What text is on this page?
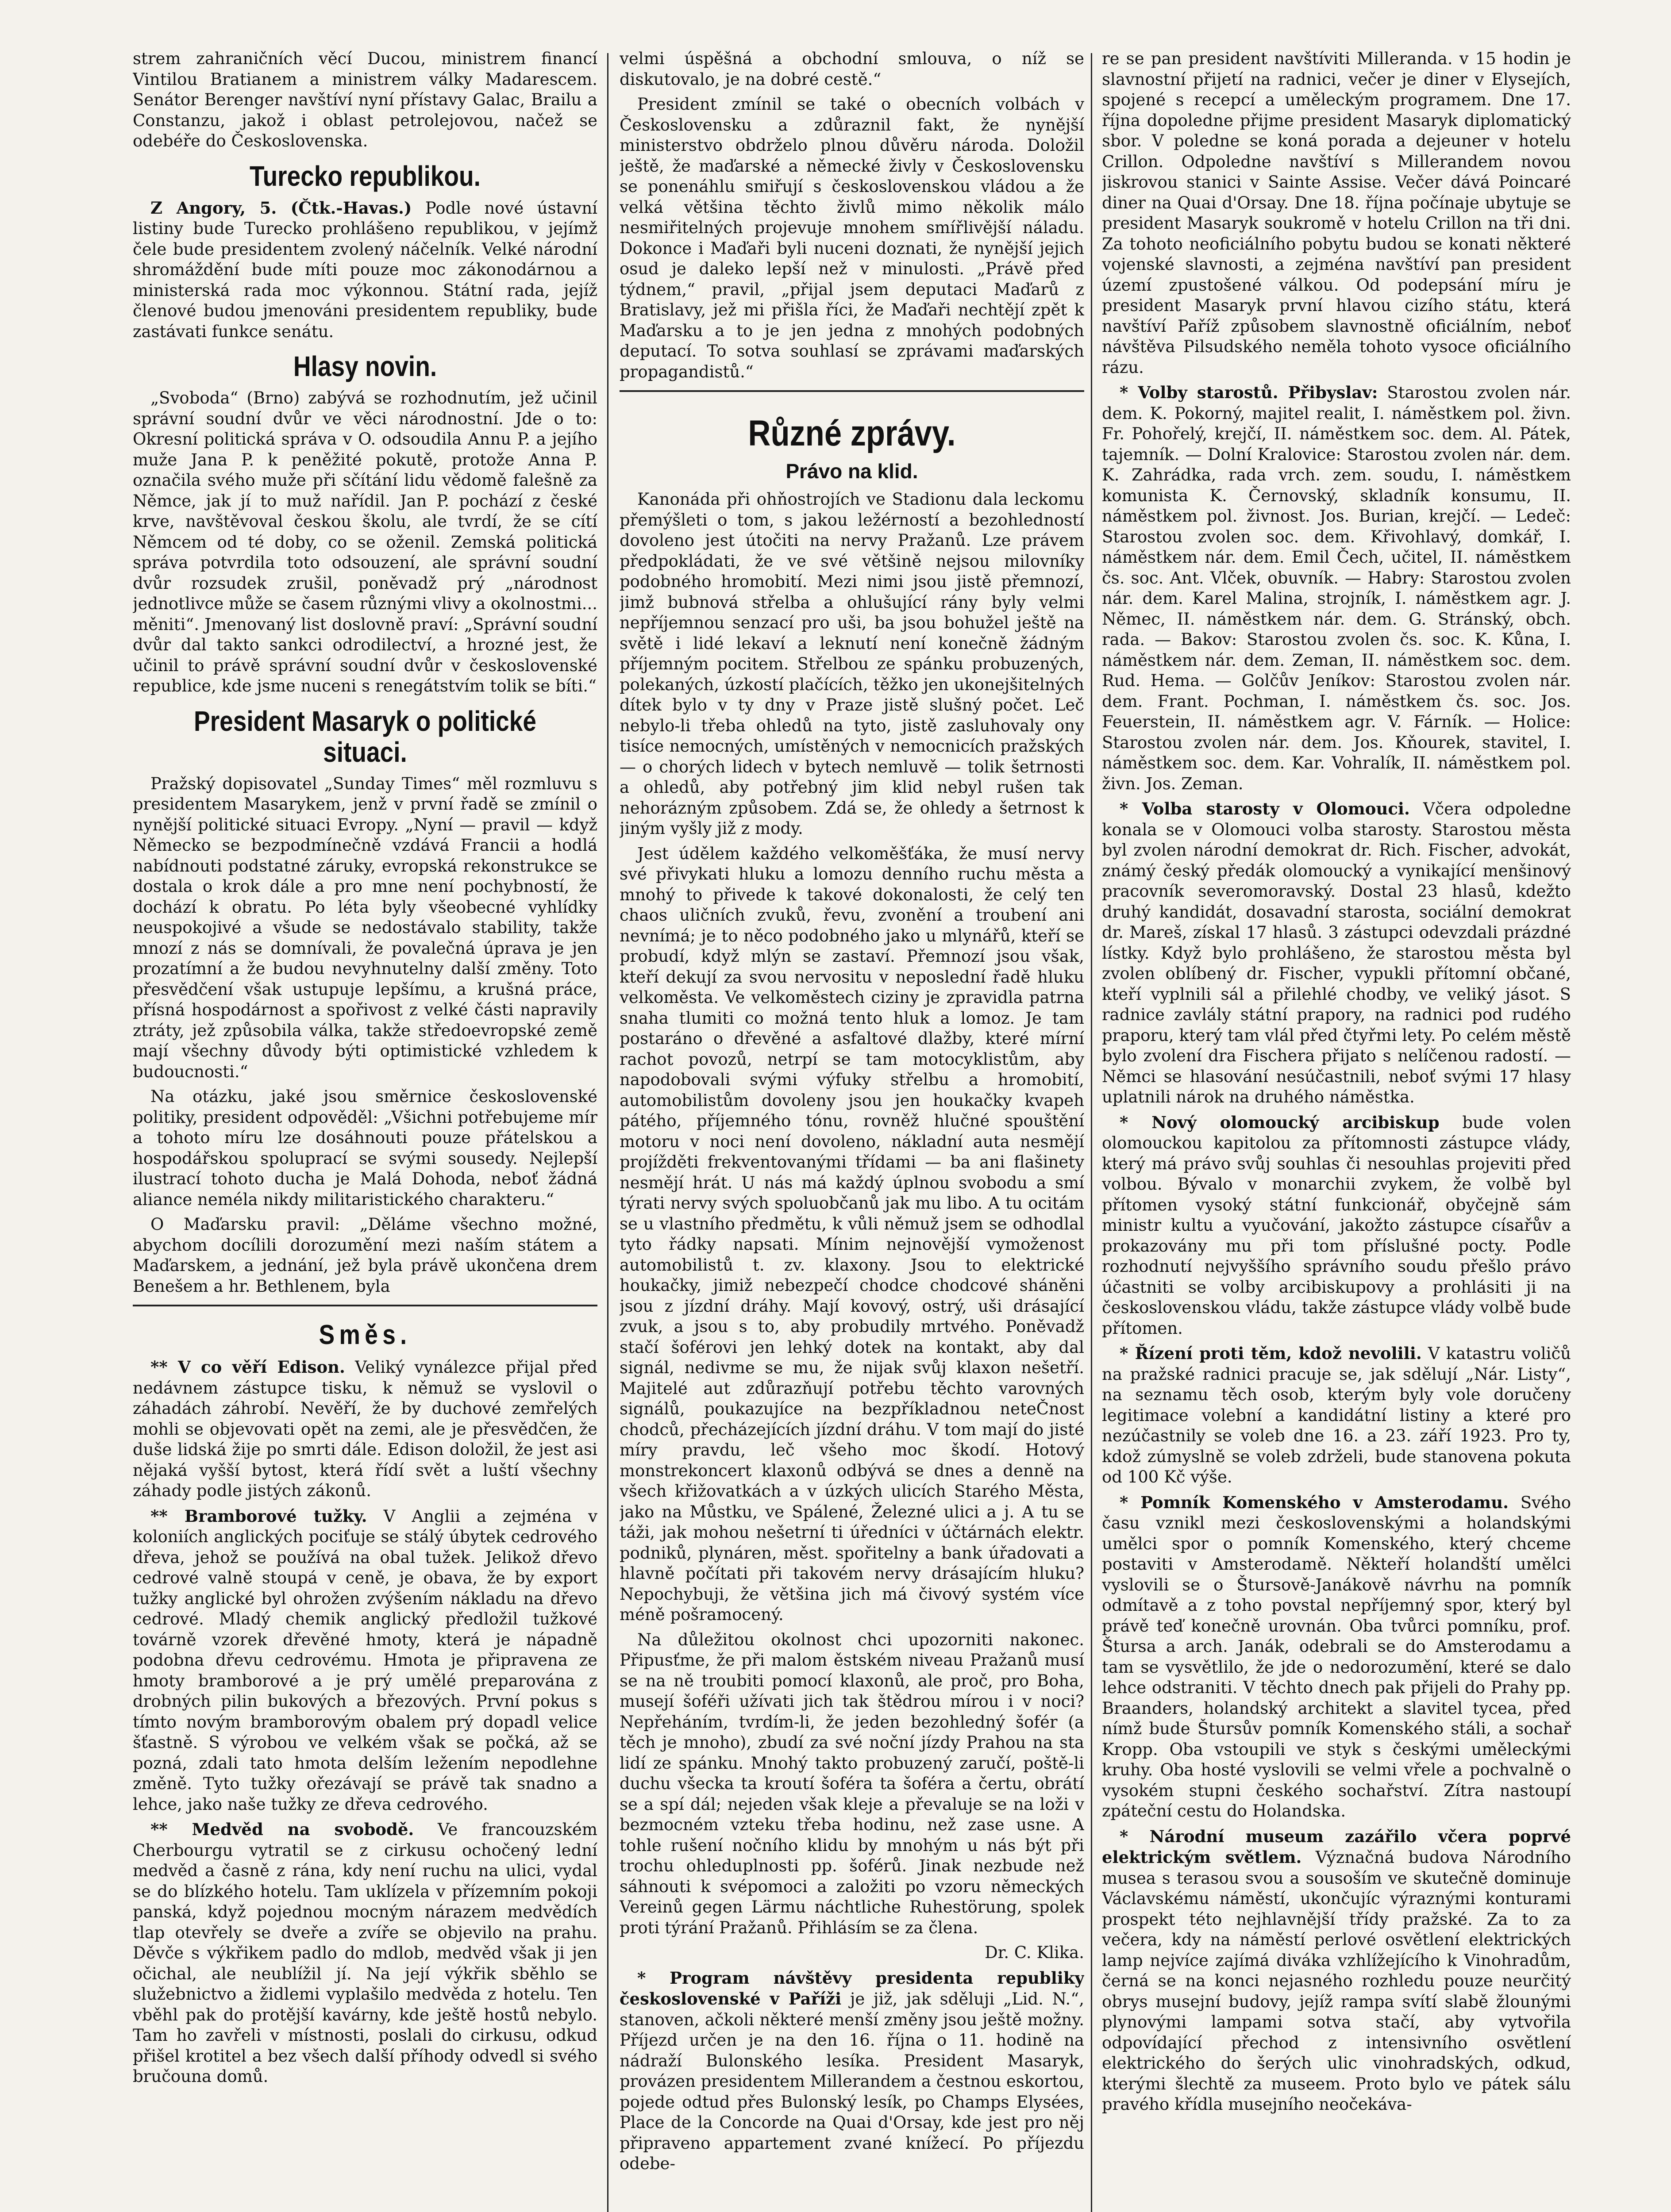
strem zahraničních věcí Ducou, ministrem financí Vintilou Bratianem a ministrem války Madarescem. Senátor Berenger navštíví nyní přístavy Galac, Brailu a Constanzu, jakož i oblast petrolejovou, načež se odebéře do Československa.

Turecko republikou.

Z Angory, 5. (Čtk.-Havas.) Podle nové ústavní listiny bude Turecko prohlášeno republikou, v jejímž čele bude presidentem zvolený náčelník. Velké národní shromáždění bude míti pouze moc zákonodárnou a ministerská rada moc výkonnou. Státní rada, jejíž členové budou jmenováni presidentem republiky, bude zastávati funkce senátu.

Hlasy novin.

„Svoboda“ (Brno) zabývá se rozhodnutím, jež učinil správní soudní dvůr ve věci národnostní. Jde o to: Okresní politická správa v O. odsoudila Annu P. a jejího muže Jana P. k peněžité pokutě, protože Anna P. označila svého muže při sčítání lidu vědomě falešně za Němce, jak jí to muž nařídil. Jan P. pochází z české krve, navštěvoval českou školu, ale tvrdí, že se cítí Němcem od té doby, co se oženil. Zemská politická správa potvrdila toto odsouzení, ale správní soudní dvůr rozsudek zrušil, poněvadž prý „národnost jednotlivce může se časem různými vlivy a okolnostmi... měniti“. Jmenovaný list doslovně praví: „Správní soudní dvůr dal takto sankci odrodilectví, a hrozné jest, že učinil to právě správní soudní dvůr v československé republice, kde jsme nuceni s renegátstvím tolik se bíti.“

President Masaryk o politické situaci.

Pražský dopisovatel „Sunday Times“ měl rozmluvu s presidentem Masarykem, jenž v první řadě se zmínil o nynější politické situaci Evropy. „Nyní — pravil — když Německo se bezpodmínečně vzdává Francii a hodlá nabídnouti podstatné záruky, evropská rekonstrukce se dostala o krok dále a pro mne není pochybností, že dochází k obratu. Po léta byly všeobecné vyhlídky neuspokojivé a všude se nedostávalo stability, takže mnozí z nás se domnívali, že povalečná úprava je jen prozatímní a že budou nevyhnutelny další změny. Toto přesvědčení však ustupuje lepšímu, a krušná práce, přísná hospodárnost a spořivost z velké části napravily ztráty, jež způsobila válka, takže středoevropské země mají všechny důvody býti optimistické vzhledem k budoucnosti.“

Na otázku, jaké jsou směrnice československé politiky, president odpověděl: „Všichni potřebujeme mír a tohoto míru lze dosáhnouti pouze přátelskou a hospodářskou spoluprací se svými sousedy. Nejlepší ilustrací tohoto ducha je Malá Dohoda, neboť žádná aliance neméla nikdy militaristického charakteru.“

O Maďarsku pravil: „Děláme všechno možné, abychom docílili dorozumění mezi naším státem a Maďarskem, a jednání, jež byla právě ukončena drem Benešem a hr. Bethlenem, byla

Směs.

** V co věří Edison. Veliký vynálezce přijal před nedávnem zástupce tisku, k němuž se vyslovil o záhadách záhrobí. Nevěří, že by duchové zemřelých mohli se objevovati opět na zemi, ale je přesvědčen, že duše lidská žije po smrti dále. Edison doložil, že jest asi nějaká vyšší bytost, která řídí svět a luští všechny záhady podle jistých zákonů.

** Bramborové tužky. V Anglii a zejména v koloniích anglických pociťuje se stálý úbytek cedrového dřeva, jehož se používá na obal tužek. Jelikož dřevo cedrové valně stoupá v ceně, je obava, že by export tužky anglické byl ohrožen zvýšením nákladu na dřevo cedrové. Mladý chemik anglický předložil tužkové továrně vzorek dřevěné hmoty, která je nápadně podobna dřevu cedrovému. Hmota je připravena ze hmoty bramborové a je prý umělé preparována z drobných pilin bukových a březových. První pokus s tímto novým bramborovým obalem prý dopadl velice šťastně. S výrobou ve velkém však se počká, až se pozná, zdali tato hmota delším ležením nepodlehne změně. Tyto tužky ořezávají se právě tak snadno a lehce, jako naše tužky ze dřeva cedrového.

** Medvěd na svobodě. Ve francouzském Cherbourgu vytratil se z cirkusu ochočený lední medvěd a časně z rána, kdy není ruchu na ulici, vydal se do blízkého hotelu. Tam uklízela v přízemním pokoji panská, když pojednou mocným nárazem medvědích tlap otevřely se dveře a zvíře se objevilo na prahu. Děvče s výkřikem padlo do mdlob, medvěd však ji jen očichal, ale neublížil jí. Na její výkřik sběhlo se služebnictvo a židlemi vyplašilo medvěda z hotelu. Ten vběhl pak do protější kavárny, kde ještě hostů nebylo. Tam ho zavřeli v místnosti, poslali do cirkusu, odkud přišel krotitel a bez všech další příhody odvedl si svého bručouna domů.

velmi úspěšná a obchodní smlouva, o níž se diskutovalo, je na dobré cestě.“

President zmínil se také o obecních volbách v Československu a zdůraznil fakt, že nynější ministerstvo obdrželo plnou důvěru národa. Doložil ještě, že maďarské a německé živly v Československu se ponenáhlu smiřují s československou vládou a že velká většina těchto živlů mimo několik málo nesmiřitelných projevuje mnohem smířlivější náladu. Dokonce i Maďaři byli nuceni doznati, že nynější jejich osud je daleko lepší než v minulosti. „Právě před týdnem,“ pravil, „přijal jsem deputaci Maďarů z Bratislavy, jež mi přišla říci, že Maďaři nechtějí zpět k Maďarsku a to je jen jedna z mnohých podobných deputací. To sotva souhlasí se zprávami maďarských propagandistů.“

Různé zprávy.
Právo na klid.

Kanonáda při ohňostrojích ve Stadionu dala leckomu přemýšleti o tom, s jakou ležérností a bezohledností dovoleno jest útočiti na nervy Pražanů. Lze právem předpokládati, že ve své většině nejsou milovníky podobného hromobití. Mezi nimi jsou jistě přemnozí, jimž bubnová střelba a ohlušující rány byly velmi nepříjemnou senzací pro uši, ba jsou bohužel ještě na světě i lidé lekaví a leknutí není konečně žádným příjemným pocitem. Střelbou ze spánku probuzených, polekaných, úzkostí plačících, těžko jen ukonejšitelných dítek bylo v ty dny v Praze jistě slušný počet. Leč nebylo-li třeba ohledů na tyto, jistě zasluhovaly ony tisíce nemocných, umístěných v nemocnicích pražských — o chorých lidech v bytech nemluvě — tolik šetrnosti a ohledů, aby potřebný jim klid nebyl rušen tak nehorázným způsobem. Zdá se, že ohledy a šetrnost k jiným vyšly již z mody.

Jest údělem každého velkoměšťáka, že musí nervy své přivykati hluku a lomozu denního ruchu města a mnohý to přivede k takové dokonalosti, že celý ten chaos uličních zvuků, řevu, zvonění a troubení ani nevnímá; je to něco podobného jako u mlynářů, kteří se probudí, když mlýn se zastaví. Přemnozí jsou však, kteří dekují za svou nervositu v neposlední řadě hluku velkoměsta. Ve velkoměstech ciziny je zpravidla patrna snaha tlumiti co možná tento hluk a lomoz. Je tam postaráno o dřevěné a asfaltové dlažby, které mírní rachot povozů, netrpí se tam motocyklistům, aby napodobovali svými výfuky střelbu a hromobití, automobilistům dovoleny jsou jen houkačky kvapeh pátého, příjemného tónu, rovněž hlučné spouštění motoru v noci není dovoleno, nákladní auta nesmějí projížděti frekventovanými třídami — ba ani flašinety nesmějí hrát. U nás má každý úplnou svobodu a smí týrati nervy svých spoluobčanů jak mu libo. A tu ocitám se u vlastního předmětu, k vůli němuž jsem se odhodlal tyto řádky napsati. Mínim nejnovější vymoženost automobilistů t. zv. klaxony. Jsou to elektrické houkačky, jimiž nebezpečí chodce chodcové sháněni jsou z jízdní dráhy. Mají kovový, ostrý, uši drásající zvuk, a jsou s to, aby probudily mrtvého. Poněvadž stačí šoférovi jen lehký dotek na kontakt, aby dal signál, nedivme se mu, že nijak svůj klaxon nešetří. Majitelé aut zdůrazňují potřebu těchto varovných signálů, poukazujíce na bezpříkladnou neteČnost chodců, přecházejících jízdní dráhu. V tom mají do jisté míry pravdu, leč všeho moc škodí. Hotový monstrekoncert klaxonů odbývá se dnes a denně na všech křižovatkách a v úzkých ulicích Starého Města, jako na Můstku, ve Spálené, Železné ulici a j. A tu se táži, jak mohou nešetrní ti úředníci v účtárnách elektr. podniků, plynáren, měst. spořitelny a bank úřadovati a hlavně počítati při takovém nervy drásajícím hluku? Nepochybuji, že většina jich má čivový systém více méně pošramocený.

Na důležitou okolnost chci upozorniti nakonec. Připusťme, že při malom ěstském niveau Pražanů musí se na ně troubiti pomocí klaxonů, ale proč, pro Boha, musejí šoféři užívati jich tak štědrou mírou i v noci? Nepřeháním, tvrdím-li, že jeden bezohledný šofér (a těch je mnoho), zbudí za své noční jízdy Prahou na sta lidí ze spánku. Mnohý takto probuzený zaručí, poště-li duchu všecka ta kroutí šoféra ta šoféra a čertu, obrátí se a spí dál; nejeden však kleje a převaluje se na loži v bezmocném vzteku třeba hodinu, než zase usne. A tohle rušení nočního klidu by mnohým u nás být při trochu ohleduplnosti pp. šoférů. Jinak nezbude než sáhnouti k svépomoci a založiti po vzoru německých Vereinů gegen Lärmu náchtliche Ruhestörung, spolek proti týrání Pražanů. Přihlásím se za člena.

Dr. C. Klika.

* Program návštěvy presidenta republiky československé v Paříži je již, jak sděluji „Lid. N.“, stanoven, ačkoli některé menší změny jsou ještě možny. Příjezd určen je na den 16. října o 11. hodině na nádraží Bulonského lesíka. President Masaryk, provázen presidentem Millerandem a čestnou eskortou, pojede odtud přes Bulonský lesík, po Champs Elysées, Place de la Concorde na Quai d'Orsay, kde jest pro něj připraveno appartement zvané knížecí. Po příjezdu odebe-

re se pan president navštíviti Milleranda. v 15 hodin je slavnostní přijetí na radnici, večer je diner v Elysejích, spojené s recepcí a uměleckým programem. Dne 17. října dopoledne přijme president Masaryk diplomatický sbor. V poledne se koná porada a dejeuner v hotelu Crillon. Odpoledne navštíví s Millerandem novou jiskrovou stanici v Sainte Assise. Večer dává Poincaré diner na Quai d'Orsay. Dne 18. října počínaje ubytuje se president Masaryk soukromě v hotelu Crillon na tři dni. Za tohoto neoficiálního pobytu budou se konati některé vojenské slavnosti, a zejména navštíví pan president území zpustošené válkou. Od podepsání míru je president Masaryk první hlavou cizího státu, která navštíví Paříž způsobem slavnostně oficiálním, neboť návštěva Pilsudského neměla tohoto vysoce oficiálního rázu.

* Volby starostů. Přibyslav: Starostou zvolen nár. dem. K. Pokorný, majitel realit, I. náměstkem pol. živn. Fr. Pohořelý, krejčí, II. náměstkem soc. dem. Al. Pátek, tajemník. — Dolní Kralovice: Starostou zvolen nár. dem. K. Zahrádka, rada vrch. zem. soudu, I. náměstkem komunista K. Černovský, skladník konsumu, II. náměstkem pol. živnost. Jos. Burian, krejčí. — Ledeč: Starostou zvolen soc. dem. Křivohlavý, domkář, I. náměstkem nár. dem. Emil Čech, učitel, II. náměstkem čs. soc. Ant. Vlček, obuvník. — Habry: Starostou zvolen nár. dem. Karel Malina, strojník, I. náměstkem agr. J. Němec, II. náměstkem nár. dem. G. Stránský, obch. rada. — Bakov: Starostou zvolen čs. soc. K. Kůna, I. náměstkem nár. dem. Zeman, II. náměstkem soc. dem. Rud. Hema. — Golčův Jeníkov: Starostou zvolen nár. dem. Frant. Pochman, I. náměstkem čs. soc. Jos. Feuerstein, II. náměstkem agr. V. Fárník. — Holice: Starostou zvolen nár. dem. Jos. Kňourek, stavitel, I. náměstkem soc. dem. Kar. Vohralík, II. náměstkem pol. živn. Jos. Zeman.

* Volba starosty v Olomouci. Včera odpoledne konala se v Olomouci volba starosty. Starostou města byl zvolen národní demokrat dr. Rich. Fischer, advokát, známý český předák olomoucký a vynikající menšinový pracovník severomoravský. Dostal 23 hlasů, kdežto druhý kandidát, dosavadní starosta, sociální demokrat dr. Mareš, získal 17 hlasů. 3 zástupci odevzdali prázdné lístky. Když bylo prohlášeno, že starostou města byl zvolen oblíbený dr. Fischer, vypukli přítomní občané, kteří vyplnili sál a přilehlé chodby, ve veliký jásot. S radnice zavlály státní prapory, na radnici pod rudého praporu, který tam vlál před čtyřmi lety. Po celém městě bylo zvolení dra Fischera přijato s nelíčenou radostí. — Němci se hlasování nesúčastnili, neboť svými 17 hlasy uplatnili nárok na druhého náměstka.

* Nový olomoucký arcibiskup bude volen olomouckou kapitolou za přítomnosti zástupce vlády, který má právo svůj souhlas či nesouhlas projeviti před volbou. Bývalo v monarchii zvykem, že volbě byl přítomen vysoký státní funkcionář, obyčejně sám ministr kultu a vyučování, jakožto zástupce císařův a prokazovány mu při tom příslušné pocty. Podle rozhodnutí nejvyššího správního soudu přešlo právo účastniti se volby arcibiskupovy a prohlásiti ji na československou vládu, takže zástupce vlády volbě bude přítomen.

* Řízení proti těm, kdož nevolili. V katastru voličů na pražské radnici pracuje se, jak sdělují „Nár. Listy“, na seznamu těch osob, kterým byly vole doručeny legitimace volební a kandidátní listiny a které pro nezúčastnily se voleb dne 16. a 23. září 1923. Pro ty, kdož zúmyslně se voleb zdrželi, bude stanovena pokuta od 100 Kč výše.

* Pomník Komenského v Amsterodamu. Svého času vznikl mezi československými a holandskými umělci spor o pomník Komenského, který chceme postaviti v Amsterodamě. Někteří holandští umělci vyslovili se o Štursově-Janákově návrhu na pomník odmítavě a z toho povstal nepříjemný spor, který byl právě teď konečně urovnán. Oba tvůrci pomníku, prof. Štursa a arch. Janák, odebrali se do Amsterodamu a tam se vysvětlilo, že jde o nedorozumění, které se dalo lehce odstraniti. V těchto dnech pak přijeli do Prahy pp. Braanders, holandský architekt a slavitel tycea, před nímž bude Štursův pomník Komenského stáli, a sochař Kropp. Oba vstoupili ve styk s českými uměleckými kruhy. Oba hosté vyslovili se velmi vřele a pochvalně o vysokém stupni českého sochařství. Zítra nastoupí zpáteční cestu do Holandska.

* Národní museum zazářilo včera poprvé elektrickým světlem. Význačná budova Národního musea s terasou svou a sousoším ve skutečně dominuje Václavskému náměstí, ukončujíc výraznými konturami prospekt této nejhlavnější třídy pražské. Za to za večera, kdy na náměstí perlové osvětlení elektrických lamp nejvíce zajímá diváka vzhlížejícího k Vinohradům, černá se na konci nejasného rozhledu pouze neurčitý obrys musejní budovy, jejíž rampa svítí slabě žlounými plynovými lampami sotva stačí, aby vytvořila odpovídající přechod z intensivního osvětlení elektrického do šerých ulic vinohradských, odkud, kterými šlechtě za museem. Proto bylo ve pátek sálu pravého křídla musejního neočekáva-
